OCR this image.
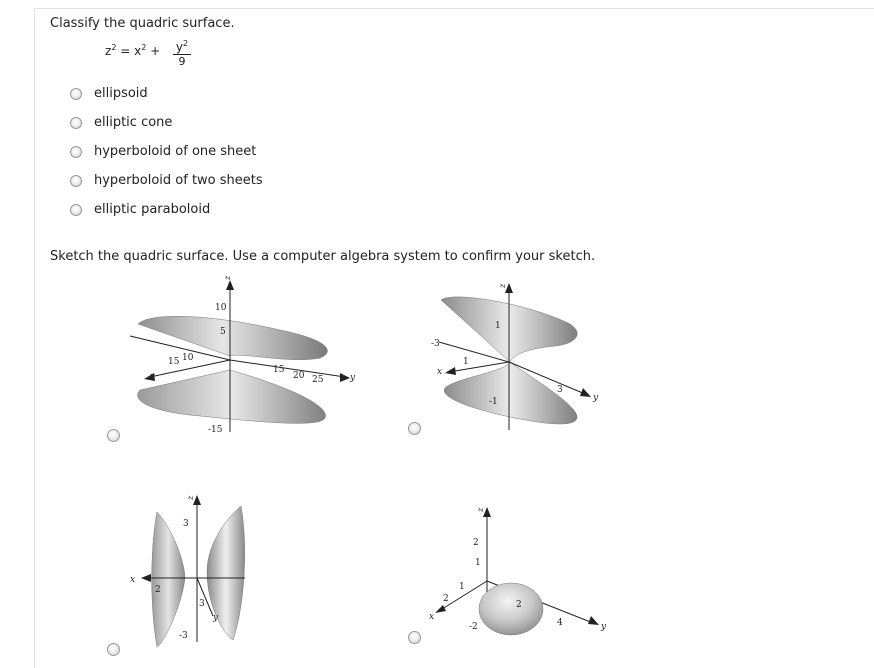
Classify the quadric surface.
$z^2 = x^2 + \frac{y^2}{9}$
ellipsoid
elliptic cone
hyperboloid of one sheet
hyperboloid of two sheets
elliptic paraboloid
Sketch the quadric surface. Use a computer algebra system to confirm your sketch.
z
10
5
-15
15 10
x
15
20 25	y
z
1
-1
-3
1
x
3
y
z
3
-3
x
2
3
y
z
2
1
-2
1
2
x
2
4	y
